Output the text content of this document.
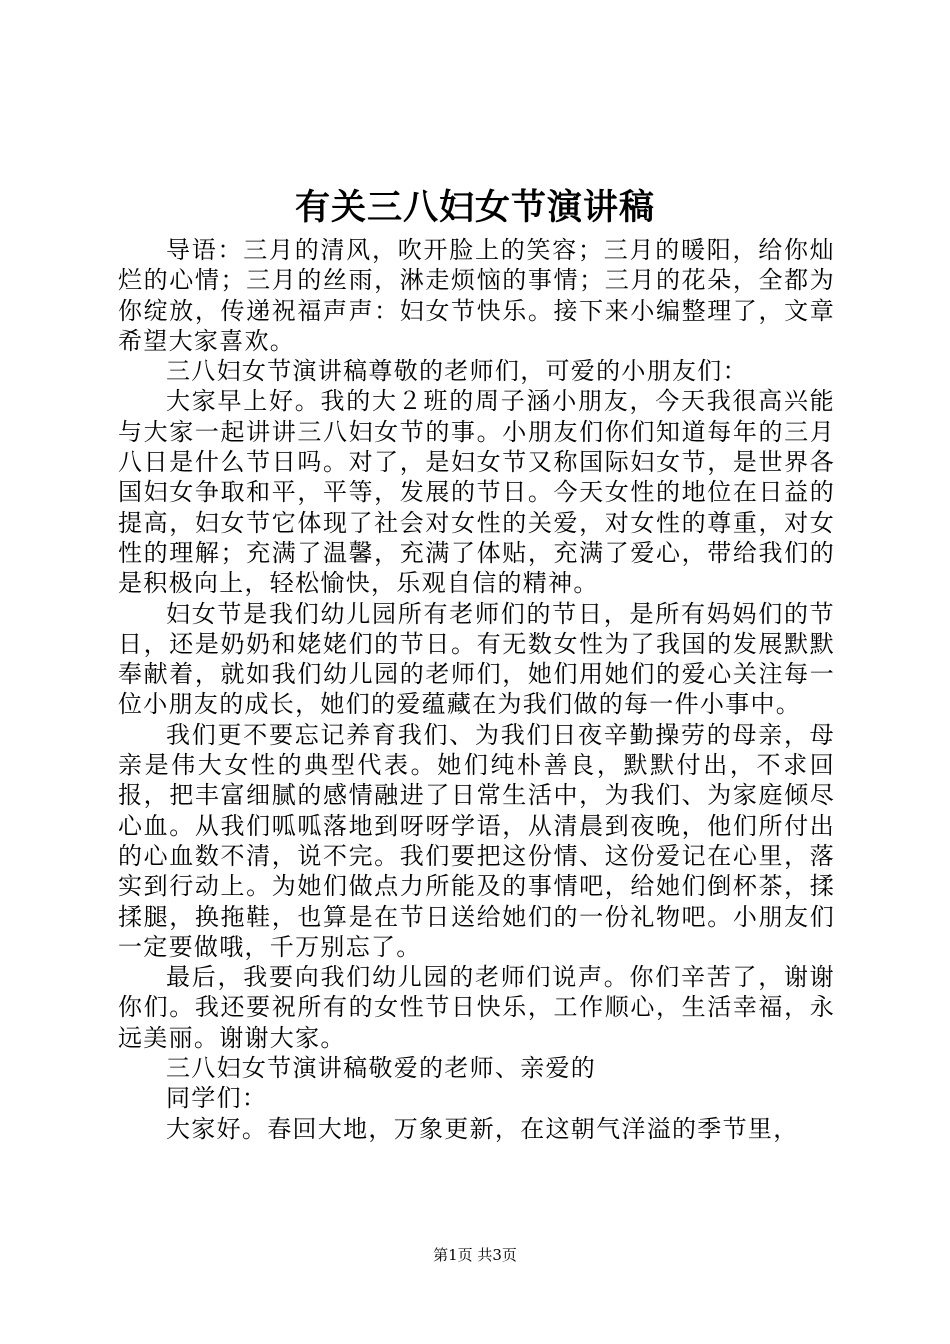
有关三八妇女节演讲稿

导语：三月的清风，吹开脸上的笑容；三月的暖阳，给你灿烂的心情；三月的丝雨，淋走烦恼的事情；三月的花朵，全都为你绽放，传递祝福声声：妇女节快乐。接下来小编整理了，文章希望大家喜欢。

三八妇女节演讲稿尊敬的老师们，可爱的小朋友们：

大家早上好。我的大２班的周子涵小朋友，今天我很高兴能与大家一起讲讲三八妇女节的事。小朋友们你们知道每年的三月八日是什么节日吗。对了，是妇女节又称国际妇女节，是世界各国妇女争取和平，平等，发展的节日。今天女性的地位在日益的提高，妇女节它体现了社会对女性的关爱，对女性的尊重，对女性的理解；充满了温馨，充满了体贴，充满了爱心，带给我们的是积极向上，轻松愉快，乐观自信的精神。

妇女节是我们幼儿园所有老师们的节日，是所有妈妈们的节日，还是奶奶和姥姥们的节日。有无数女性为了我国的发展默默奉献着，就如我们幼儿园的老师们，她们用她们的爱心关注每一位小朋友的成长，她们的爱蕴藏在为我们做的每一件小事中。

我们更不要忘记养育我们、为我们日夜辛勤操劳的母亲，母亲是伟大女性的典型代表。她们纯朴善良，默默付出，不求回报，把丰富细腻的感情融进了日常生活中，为我们、为家庭倾尽心血。从我们呱呱落地到呀呀学语，从清晨到夜晚，他们所付出的心血数不清，说不完。我们要把这份情、这份爱记在心里，落实到行动上。为她们做点力所能及的事情吧，给她们倒杯茶，揉揉腿，换拖鞋，也算是在节日送给她们的一份礼物吧。小朋友们一定要做哦，千万别忘了。

最后，我要向我们幼儿园的老师们说声。你们辛苦了，谢谢你们。我还要祝所有的女性节日快乐，工作顺心，生活幸福，永远美丽。谢谢大家。

三八妇女节演讲稿敬爱的老师、亲爱的

同学们：

大家好。春回大地，万象更新，在这朝气洋溢的季节里，

第1页 共3页
